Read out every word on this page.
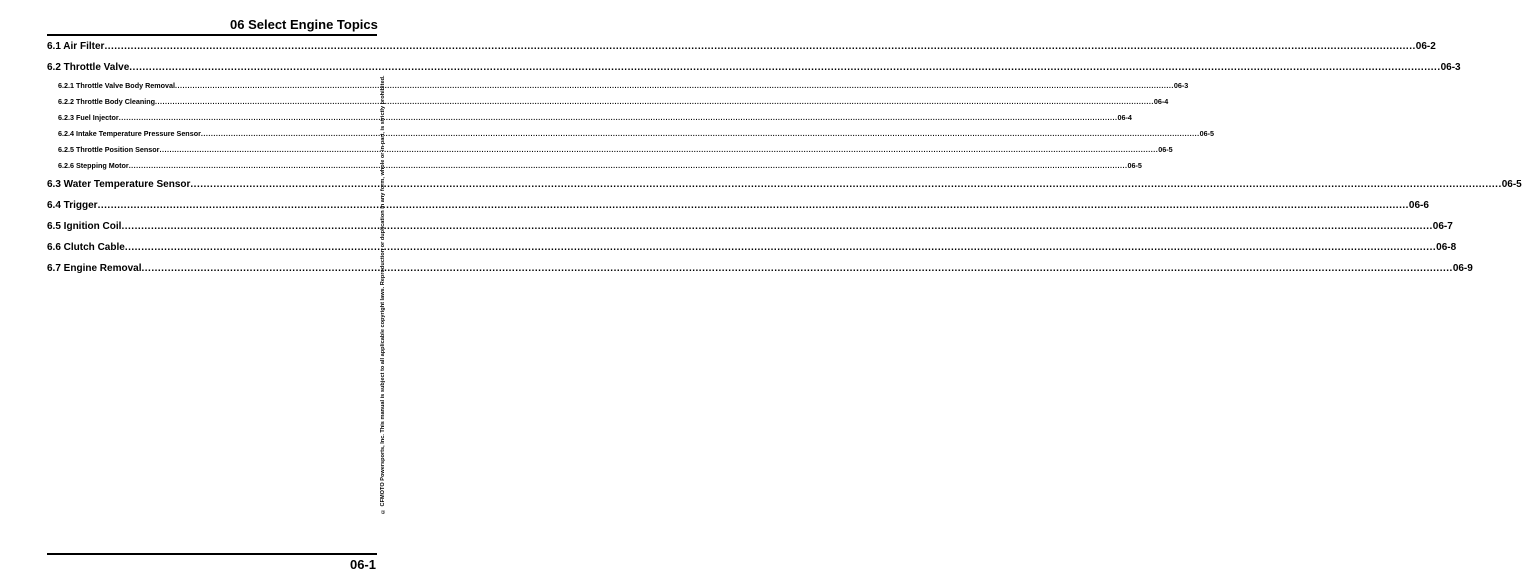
06 Select Engine Topics
6.1 Air Filter ................................................................................................................................................................................................................................................................................................................................................................................................................ 06-2
6.2 Throttle Valve ................................................................................................................................................................................................................................................................................................................................................................................................................ 06-3
6.2.1 Throttle Valve Body Removal ................................................................................................................................................................................................................................................................................................................................................................................................................ 06-3
6.2.2 Throttle Body Cleaning ................................................................................................................................................................................................................................................................................................................................................................................................................ 06-4
6.2.3 Fuel Injector ................................................................................................................................................................................................................................................................................................................................................................................................................ 06-4
6.2.4 Intake Temperature Pressure Sensor ................................................................................................................................................................................................................................................................................................................................................................................................................ 06-5
6.2.5 Throttle Position Sensor ................................................................................................................................................................................................................................................................................................................................................................................................................ 06-5
6.2.6 Stepping Motor ................................................................................................................................................................................................................................................................................................................................................................................................................ 06-5
6.3 Water Temperature Sensor ................................................................................................................................................................................................................................................................................................................................................................................................................ 06-5
6.4 Trigger ................................................................................................................................................................................................................................................................................................................................................................................................................ 06-6
6.5 Ignition Coil ................................................................................................................................................................................................................................................................................................................................................................................................................ 06-7
6.6 Clutch Cable ................................................................................................................................................................................................................................................................................................................................................................................................................ 06-8
6.7 Engine Removal ................................................................................................................................................................................................................................................................................................................................................................................................................ 06-9
© CFMOTO Powersports, Inc. This manual is subject to all applicable copyright laws. Reproduction or duplication in any form, whole or in-part, is strictly prohibited.
06-1
